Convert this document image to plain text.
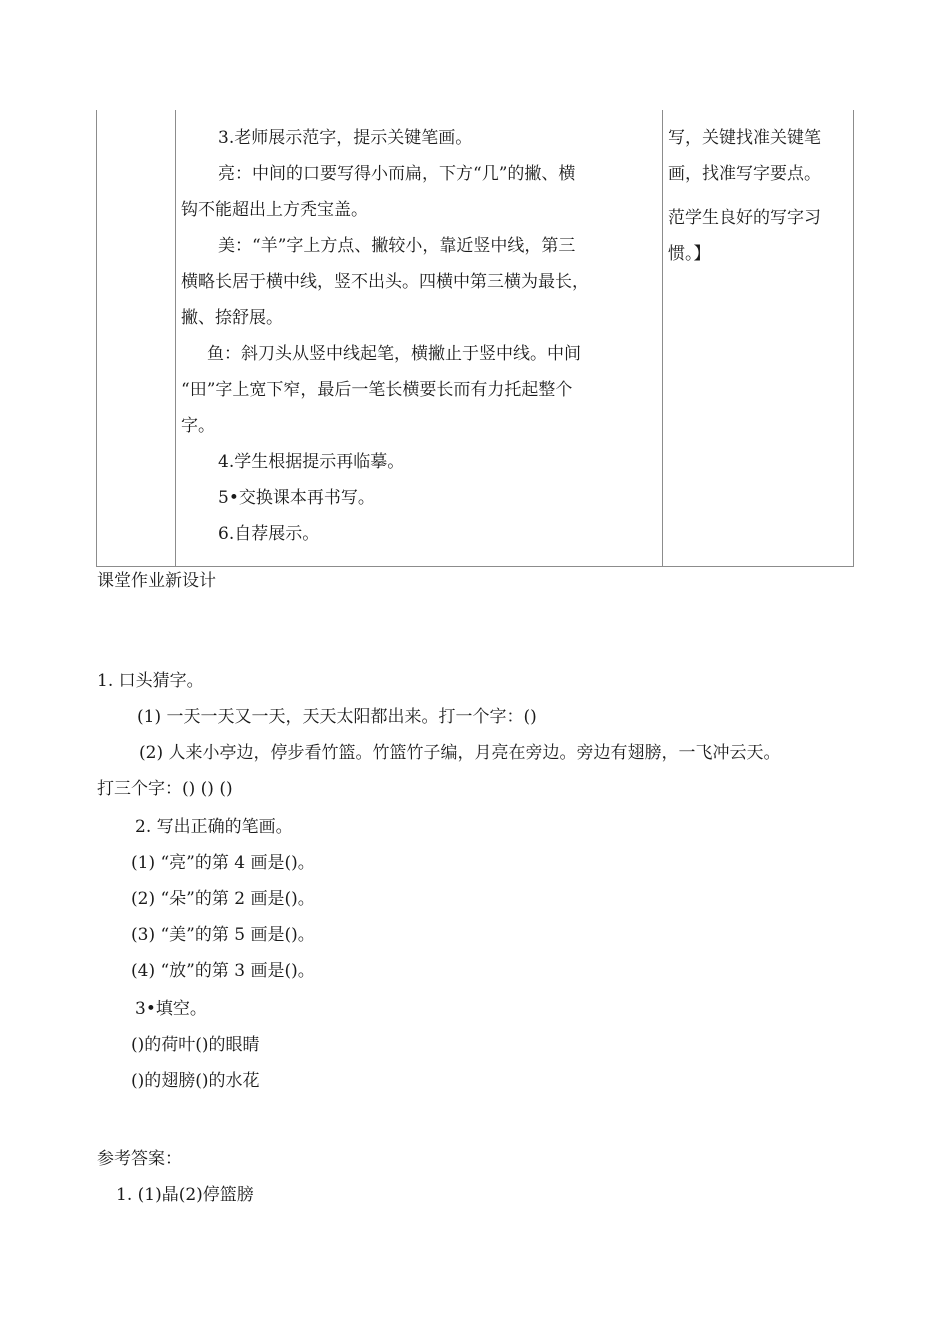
3.老师展示范字，提示关键笔画。
亮：中间的口要写得小而扁，下方“几”的撇、横
钩不能超出上方秃宝盖。
美：“羊”字上方点、撇较小，靠近竖中线，第三
横略长居于横中线，竖不出头。四横中第三横为最长，
撇、捺舒展。
鱼：斜刀头从竖中线起笔，横撇止于竖中线。中间
“田”字上宽下窄，最后一笔长横要长而有力托起整个
字。
4.学生根据提示再临摹。
5•交换课本再书写。
6.自荐展示。
写，关键找准关键笔
画，找准写字要点。
范学生良好的写字习
惯。】
课堂作业新设计
1. 口头猜字。
(1) 一天一天又一天，天天太阳都出来。打一个字：()
(2) 人来小亭边，停步看竹篮。竹篮竹子编，月亮在旁边。旁边有翅膀，一飞冲云天。
打三个字：() () ()
2. 写出正确的笔画。
(1) “亮”的第 4 画是()。
(2) “朵”的第 2 画是()。
(3) “美”的第 5 画是()。
(4) “放”的第 3 画是()。
3•填空。
()的荷叶()的眼睛
()的翅膀()的水花
参考答案：
1. (1)晶(2)停篮膀
